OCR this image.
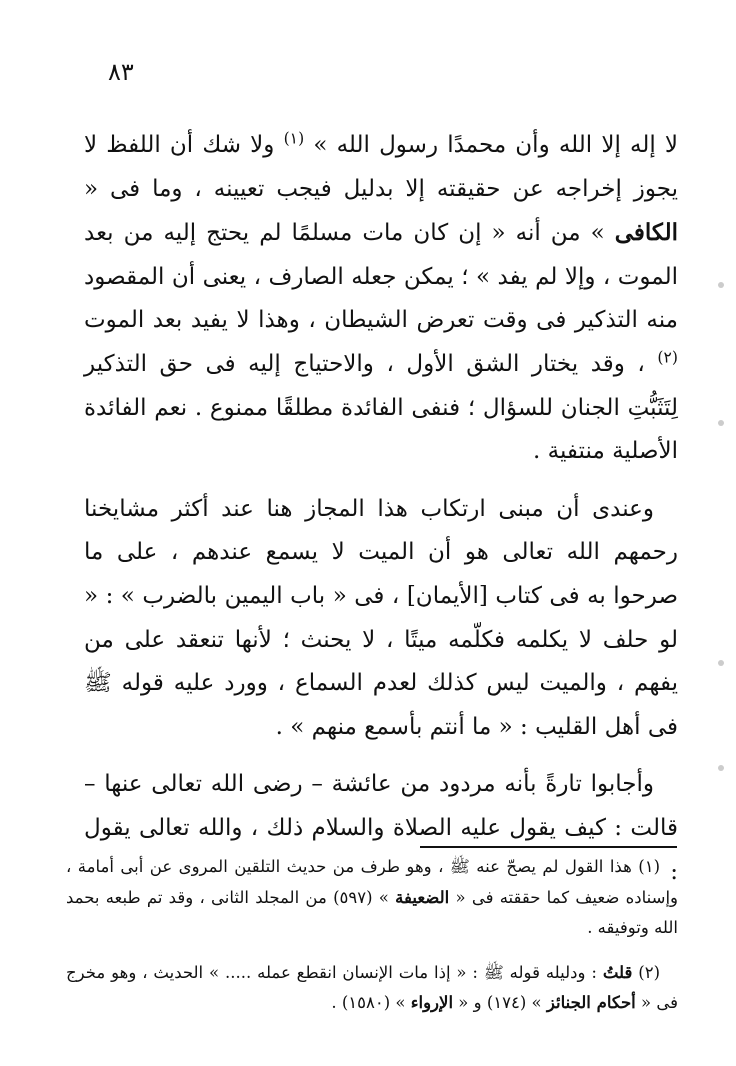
٨٣

لا إله إلا الله وأن محمدًا رسول الله » $^{(١)}$ ولا شك أن اللفظ لا يجوز إخراجه عن حقيقته إلا بدليل فيجب تعيينه ، وما فى « الكافى » من أنه « إن كان مات مسلمًا لم يحتج إليه من بعد الموت ، وإلا لم يفد » ؛ يمكن جعله الصارف ، يعنى أن المقصود منه التذكير فى وقت تعرض الشيطان ، وهذا لا يفيد بعد الموت $^{(٢)}$ ، وقد يختار الشق الأول ، والاحتياج إليه فى حق التذكير لِتَثَبُّتِ الجنان للسؤال ؛ فنفى الفائدة مطلقًا ممنوع . نعم الفائدة الأصلية منتفية .

وعندى أن مبنى ارتكاب هذا المجاز هنا عند أكثر مشايخنا رحمهم الله تعالى هو أن الميت لا يسمع عندهم ، على ما صرحوا به فى كتاب [الأيمان] ، فى « باب اليمين بالضرب » : « لو حلف لا يكلمه فكلّمه ميتًا ، لا يحنث ؛ لأنها تنعقد على من يفهم ، والميت ليس كذلك لعدم السماع ، وورد عليه قوله ﷺ فى أهل القليب : « ما أنتم بأسمع منهم » .

وأجابوا تارةً بأنه مردود من عائشة – رضى الله تعالى عنها – قالت : كيف يقول عليه الصلاة والسلام ذلك ، والله تعالى يقول :

(١) هذا القول لم يصحّ عنه ﷺ ، وهو طرف من حديث التلقين المروى عن أبى أمامة ، وإسناده ضعيف كما حققته فى « الضعيفة » (٥٩٧) من المجلد الثانى ، وقد تم طبعه بحمد الله وتوفيقه .

(٢) قلتُ : ودليله قوله ﷺ : « إذا مات الإنسان انقطع عمله ..... » الحديث ، وهو مخرج فى « أحكام الجنائز » (١٧٤) و « الإرواء » (١٥٨٠) .
